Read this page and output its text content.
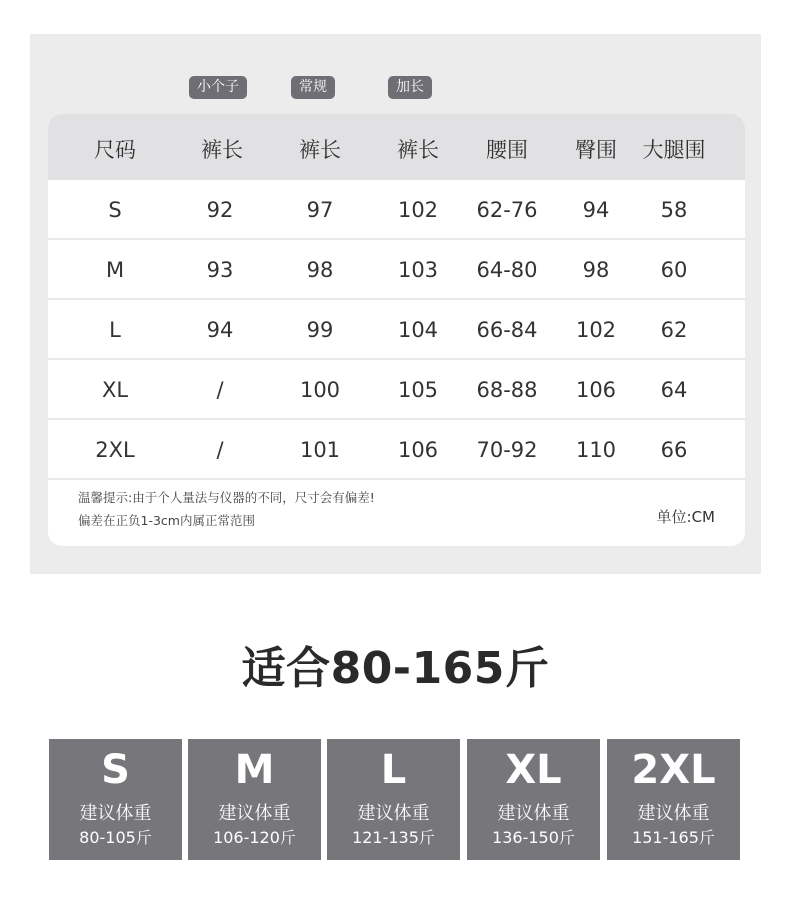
小个子	常规	加长
尺码	裤长	裤长	裤长 腰围 臀围 大腿围
S	92	97	102 62-76 94 58
M	93	98	103 64-80 98 60
L	94	99	104 66-84 102 62
XL	/	100	105 68-88 106 64
2XL	/	101	106 70-92 110 66
温馨提示:由于个人量法与仪器的不同，尺寸会有偏差!
偏差在正负1-3cm内属正常范围	单位:CM
适合80-165斤
S
建议体重
80-105斤
M
建议体重
106-120斤
L
建议体重
121-135斤
XL
建议体重
136-150斤
2XL
建议体重
151-165斤
